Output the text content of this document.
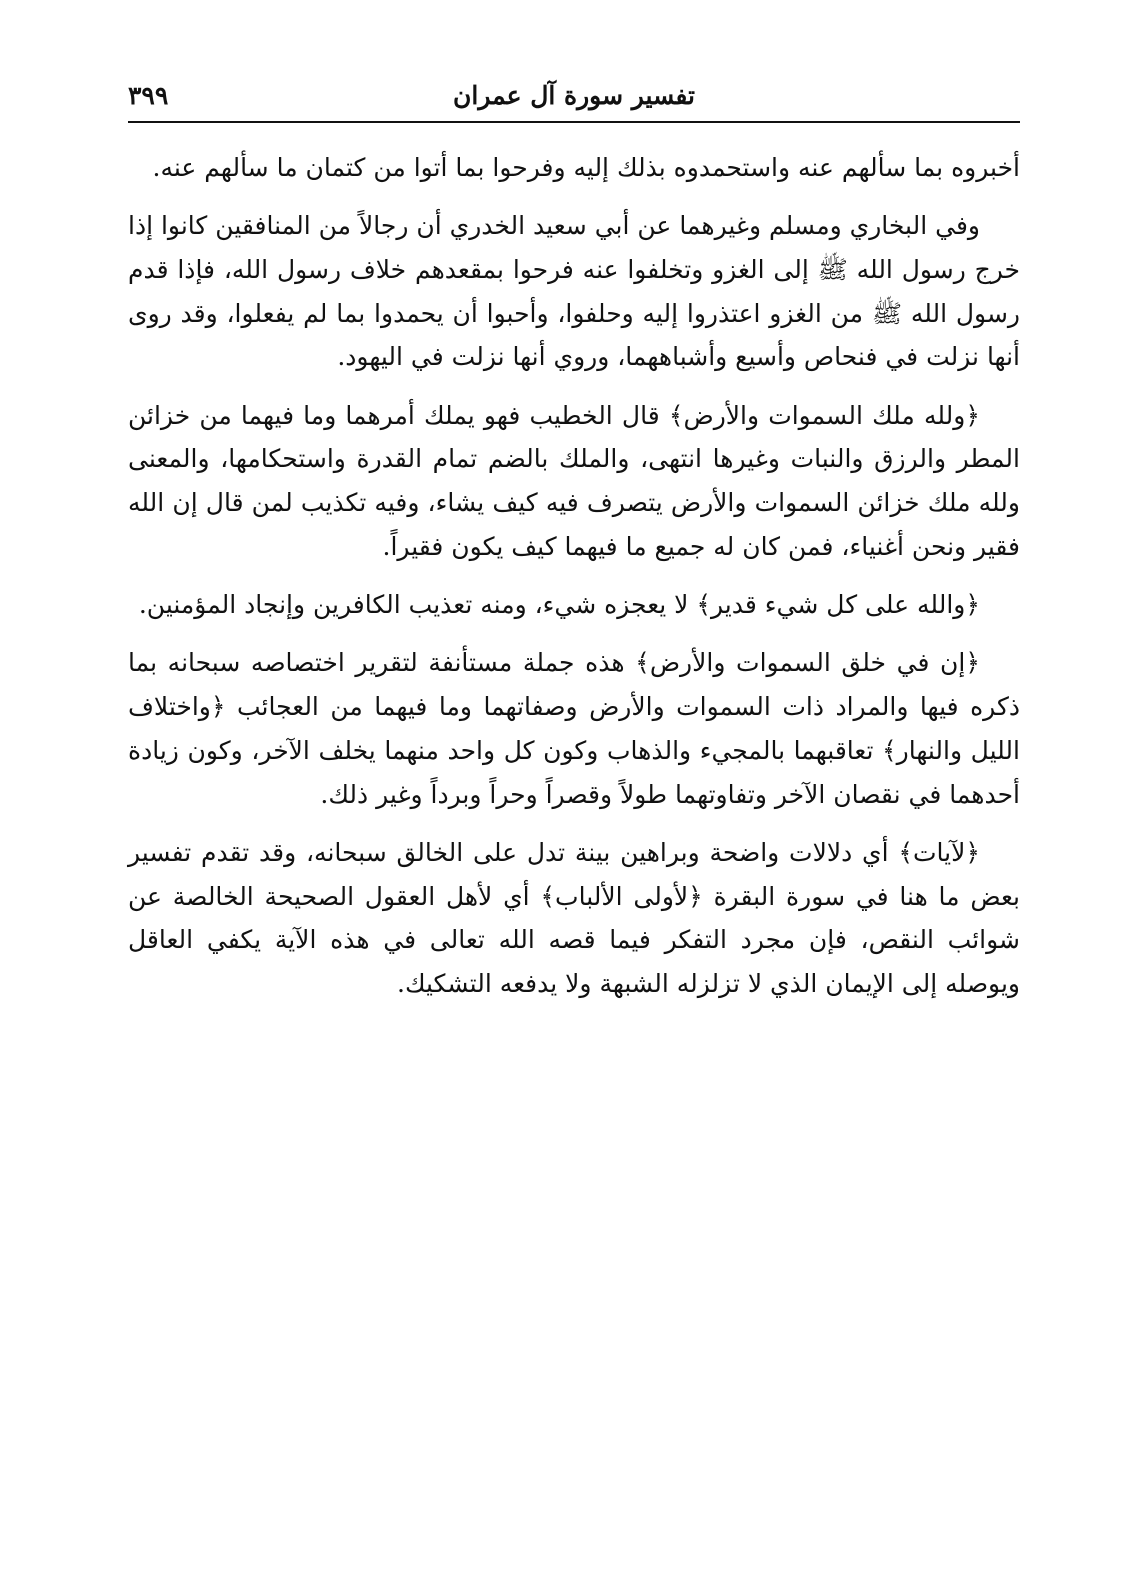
تفسير سورة آل عمران
٣٩٩

أخبروه بما سألهم عنه واستحمدوه بذلك إليه وفرحوا بما أتوا من كتمان ما سألهم عنه.

وفي البخاري ومسلم وغيرهما عن أبي سعيد الخدري أن رجالاً من المنافقين كانوا إذا خرج رسول الله ﷺ إلى الغزو وتخلفوا عنه فرحوا بمقعدهم خلاف رسول الله، فإذا قدم رسول الله ﷺ من الغزو اعتذروا إليه وحلفوا، وأحبوا أن يحمدوا بما لم يفعلوا، وقد روى أنها نزلت في فنحاص وأسيع وأشباههما، وروي أنها نزلت في اليهود.

﴿ولله ملك السموات والأرض﴾ قال الخطيب فهو يملك أمرهما وما فيهما من خزائن المطر والرزق والنبات وغيرها انتهى، والملك بالضم تمام القدرة واستحكامها، والمعنى ولله ملك خزائن السموات والأرض يتصرف فيه كيف يشاء، وفيه تكذيب لمن قال إن الله فقير ونحن أغنياء، فمن كان له جميع ما فيهما كيف يكون فقيراً.

﴿والله على كل شيء قدير﴾ لا يعجزه شيء، ومنه تعذيب الكافرين وإنجاد المؤمنين.

﴿إن في خلق السموات والأرض﴾ هذه جملة مستأنفة لتقرير اختصاصه سبحانه بما ذكره فيها والمراد ذات السموات والأرض وصفاتهما وما فيهما من العجائب ﴿واختلاف الليل والنهار﴾ تعاقبهما بالمجيء والذهاب وكون كل واحد منهما يخلف الآخر، وكون زيادة أحدهما في نقصان الآخر وتفاوتهما طولاً وقصراً وحراً وبرداً وغير ذلك.

﴿لآيات﴾ أي دلالات واضحة وبراهين بينة تدل على الخالق سبحانه، وقد تقدم تفسير بعض ما هنا في سورة البقرة ﴿لأولى الألباب﴾ أي لأهل العقول الصحيحة الخالصة عن شوائب النقص، فإن مجرد التفكر فيما قصه الله تعالى في هذه الآية يكفي العاقل ويوصله إلى الإيمان الذي لا تزلزله الشبهة ولا يدفعه التشكيك.
